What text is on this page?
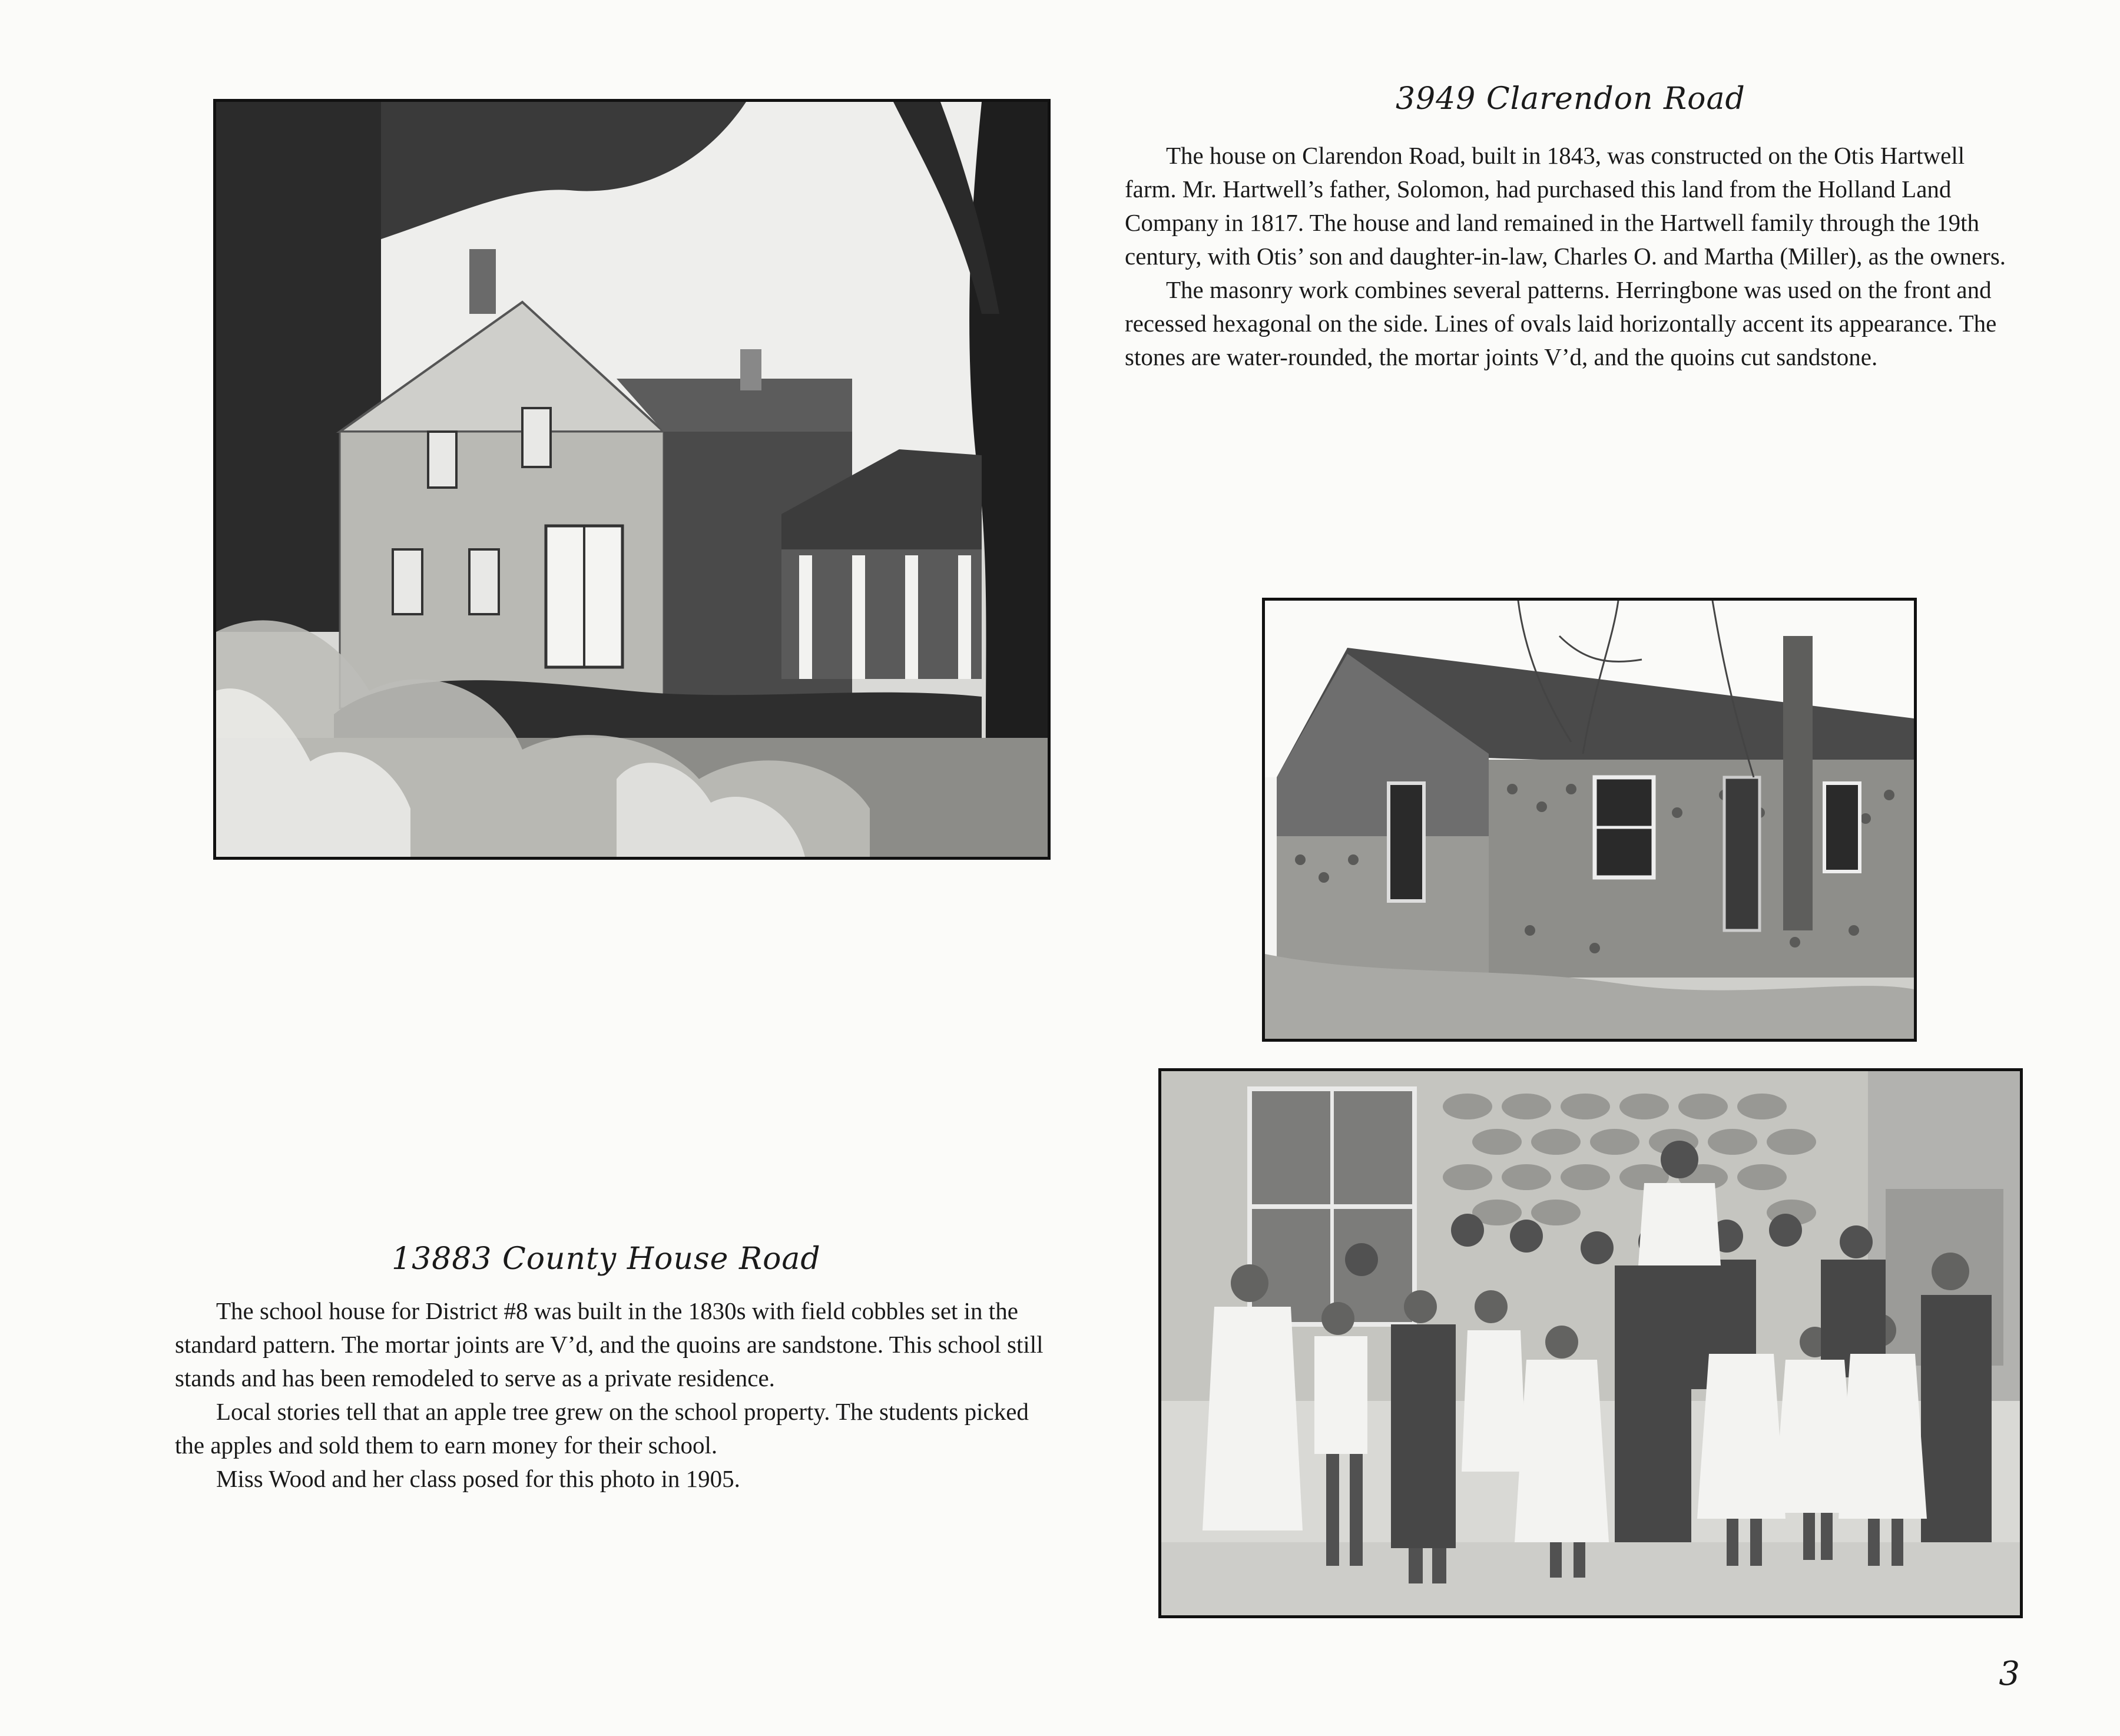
3949 Clarendon Road

The house on Clarendon Road, built in 1843, was constructed on the Otis Hartwell farm. Mr. Hartwell’s father, Solomon, had purchased this land from the Holland Land Company in 1817. The house and land remained in the Hartwell family through the 19th century, with Otis’ son and daughter-in-law, Charles O. and Martha (Miller), as the owners.

The masonry work combines several patterns. Herringbone was used on the front and recessed hexagonal on the side. Lines of ovals laid horizontally accent its appearance. The stones are water-rounded, the mortar joints V’d, and the quoins cut sandstone.

13883 County House Road

The school house for District #8 was built in the 1830s with field cobbles set in the standard pattern. The mortar joints are V’d, and the quoins are sandstone. This school still stands and has been remodeled to serve as a private residence.

Local stories tell that an apple tree grew on the school property. The students picked the apples and sold them to earn money for their school.

Miss Wood and her class posed for this photo in 1905.

3
